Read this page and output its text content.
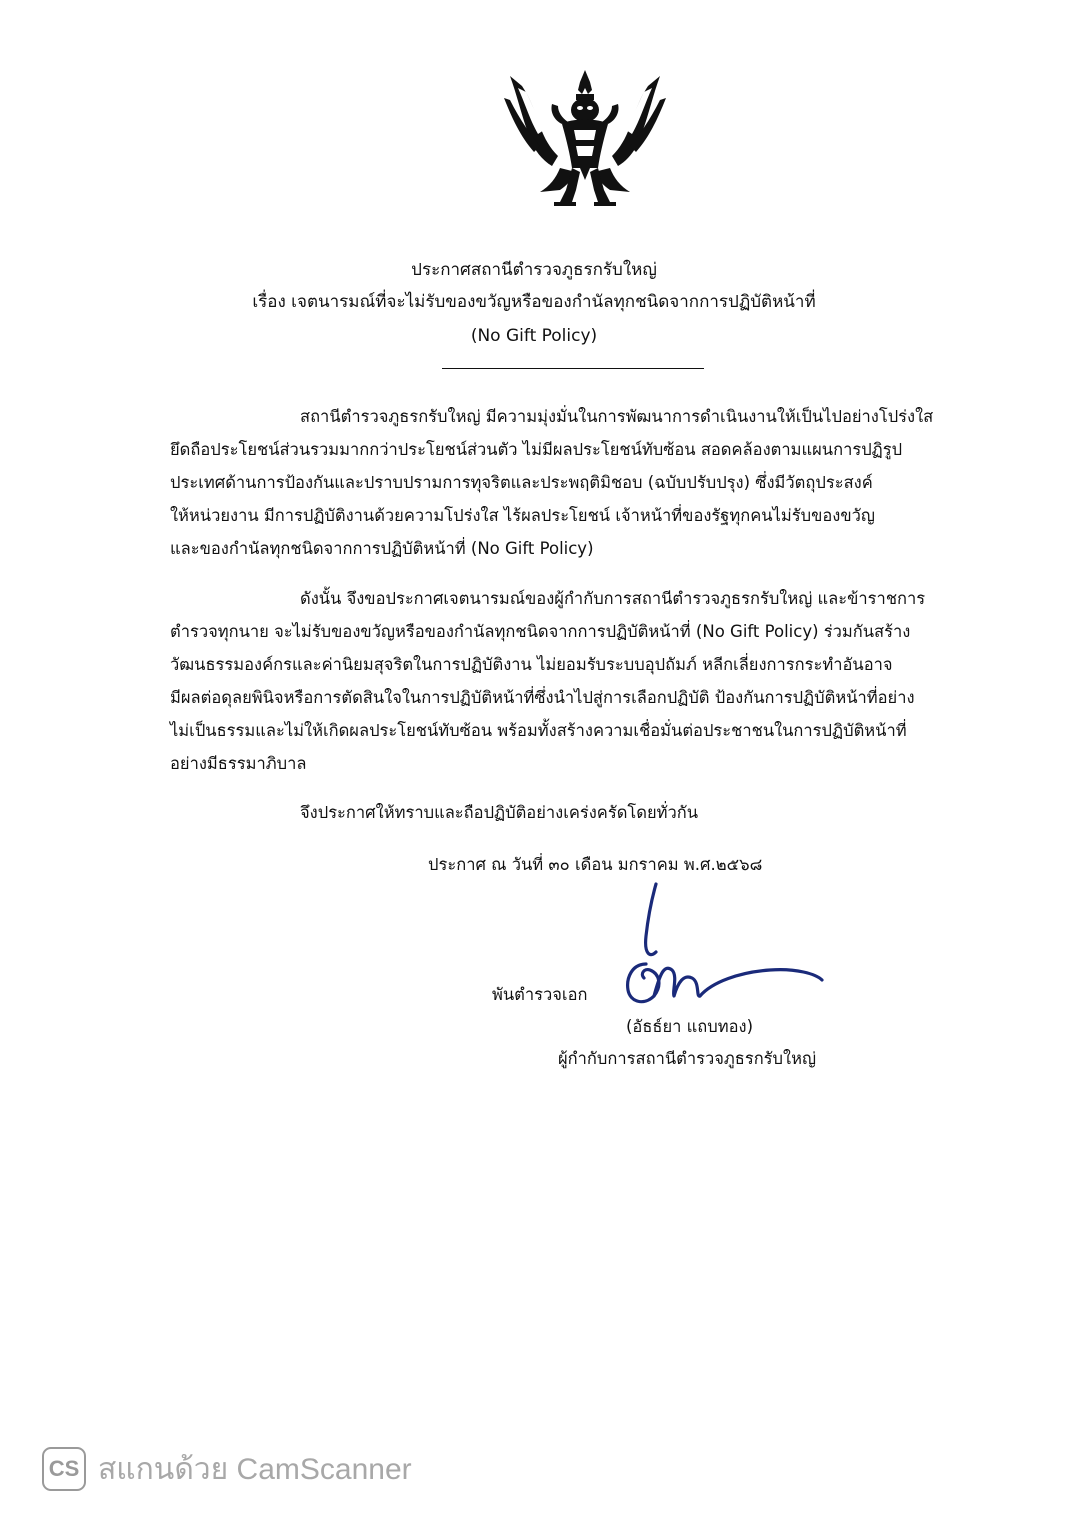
ประกาศสถานีตำรวจภูธรกรับใหญ่
เรื่อง เจตนารมณ์ที่จะไม่รับของขวัญหรือของกำนัลทุกชนิดจากการปฏิบัติหน้าที่
(No Gift Policy)
สถานีตำรวจภูธรกรับใหญ่ มีความมุ่งมั่นในการพัฒนาการดำเนินงานให้เป็นไปอย่างโปร่งใส
ยึดถือประโยชน์ส่วนรวมมากกว่าประโยชน์ส่วนตัว ไม่มีผลประโยชน์ทับซ้อน สอดคล้องตามแผนการปฏิรูป
ประเทศด้านการป้องกันและปราบปรามการทุจริตและประพฤติมิชอบ (ฉบับปรับปรุง) ซึ่งมีวัตถุประสงค์
ให้หน่วยงาน มีการปฏิบัติงานด้วยความโปร่งใส ไร้ผลประโยชน์ เจ้าหน้าที่ของรัฐทุกคนไม่รับของขวัญ
และของกำนัลทุกชนิดจากการปฏิบัติหน้าที่ (No Gift Policy)
ดังนั้น จึงขอประกาศเจตนารมณ์ของผู้กำกับการสถานีตำรวจภูธรกรับใหญ่ และข้าราชการ
ตำรวจทุกนาย จะไม่รับของขวัญหรือของกำนัลทุกชนิดจากการปฏิบัติหน้าที่ (No Gift Policy) ร่วมกันสร้าง
วัฒนธรรมองค์กรและค่านิยมสุจริตในการปฏิบัติงาน ไม่ยอมรับระบบอุปถัมภ์ หลีกเลี่ยงการกระทำอันอาจ
มีผลต่อดุลยพินิจหรือการตัดสินใจในการปฏิบัติหน้าที่ซึ่งนำไปสู่การเลือกปฏิบัติ ป้องกันการปฏิบัติหน้าที่อย่าง
ไม่เป็นธรรมและไม่ให้เกิดผลประโยชน์ทับซ้อน พร้อมทั้งสร้างความเชื่อมั่นต่อประชาชนในการปฏิบัติหน้าที่
อย่างมีธรรมาภิบาล
จึงประกาศให้ทราบและถือปฏิบัติอย่างเคร่งครัดโดยทั่วกัน
ประกาศ ณ วันที่ ๓๐ เดือน มกราคม พ.ศ.๒๕๖๘
พันตำรวจเอก
(อัธธ์ยา แถบทอง)
ผู้กำกับการสถานีตำรวจภูธรกรับใหญ่
CS สแกนด้วย CamScanner
